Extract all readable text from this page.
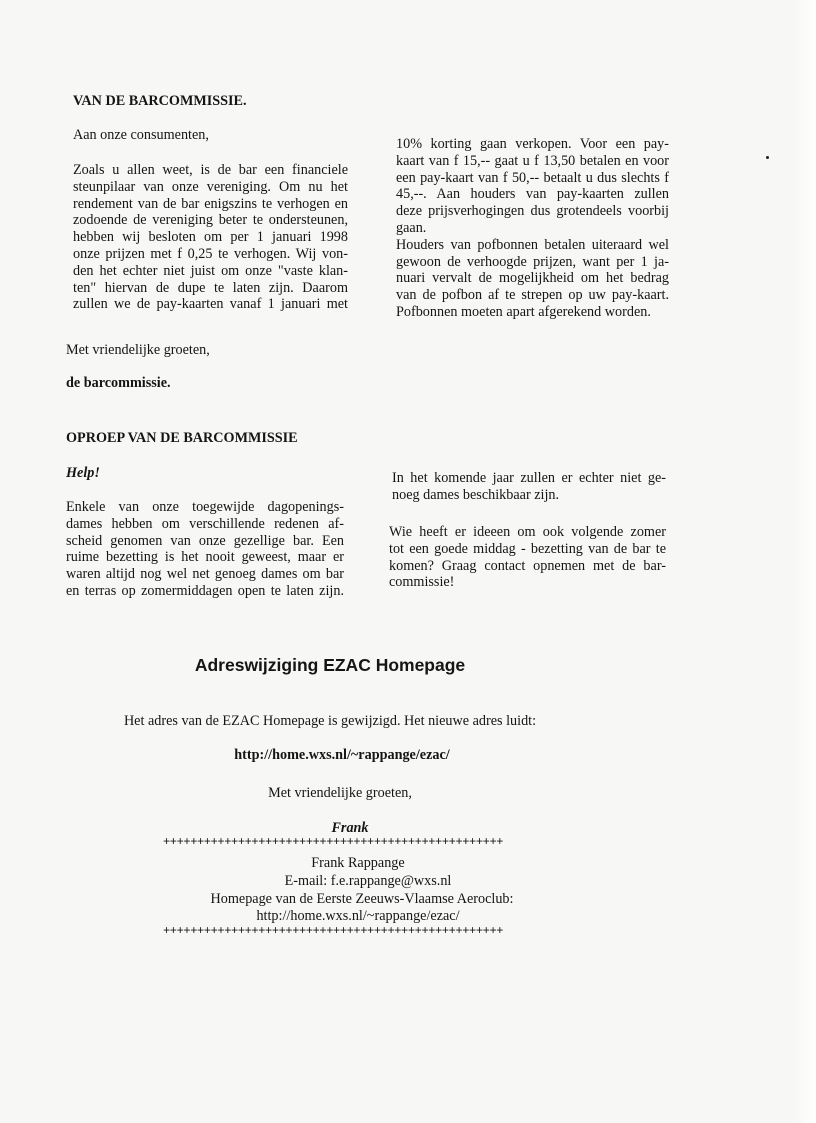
VAN DE BARCOMMISSIE.
Aan onze consumenten,
Zoals u allen weet, is de bar een financiele
steunpilaar van onze vereniging. Om nu het
rendement van de bar enigszins te verhogen en
zodoende de vereniging beter te ondersteunen,
hebben wij besloten om per 1 januari 1998
onze prijzen met f 0,25 te verhogen. Wij von-
den het echter niet juist om onze "vaste klan-
ten" hiervan de dupe te laten zijn. Daarom
zullen we de pay-kaarten vanaf 1 januari met
10% korting gaan verkopen. Voor een pay-
kaart van f 15,-- gaat u f 13,50 betalen en voor
een pay-kaart van f 50,-- betaalt u dus slechts f
45,--. Aan houders van pay-kaarten zullen
deze prijsverhogingen dus grotendeels voorbij
gaan.
Houders van pofbonnen betalen uiteraard wel
gewoon de verhoogde prijzen, want per 1 ja-
nuari vervalt de mogelijkheid om het bedrag
van de pofbon af te strepen op uw pay-kaart.
Pofbonnen moeten apart afgerekend worden.
Met vriendelijke groeten,
de barcommissie.
OPROEP VAN DE BARCOMMISSIE
Help!
Enkele van onze toegewijde dagopenings-
dames hebben om verschillende redenen af-
scheid genomen van onze gezellige bar. Een
ruime bezetting is het nooit geweest, maar er
waren altijd nog wel net genoeg dames om bar
en terras op zomermiddagen open te laten zijn.
In het komende jaar zullen er echter niet ge-
noeg dames beschikbaar zijn.
Wie heeft er ideeen om ook volgende zomer
tot een goede middag - bezetting van de bar te
komen? Graag contact opnemen met de bar-
commissie!
Adreswijziging EZAC Homepage
Het adres van de EZAC Homepage is gewijzigd. Het nieuwe adres luidt:
http://home.wxs.nl/~rappange/ezac/
Met vriendelijke groeten,
Frank
++++++++++++++++++++++++++++++++++++++++++++++++++
Frank Rappange
E-mail: f.e.rappange@wxs.nl
Homepage van de Eerste Zeeuws-Vlaamse Aeroclub:
http://home.wxs.nl/~rappange/ezac/
++++++++++++++++++++++++++++++++++++++++++++++++++
